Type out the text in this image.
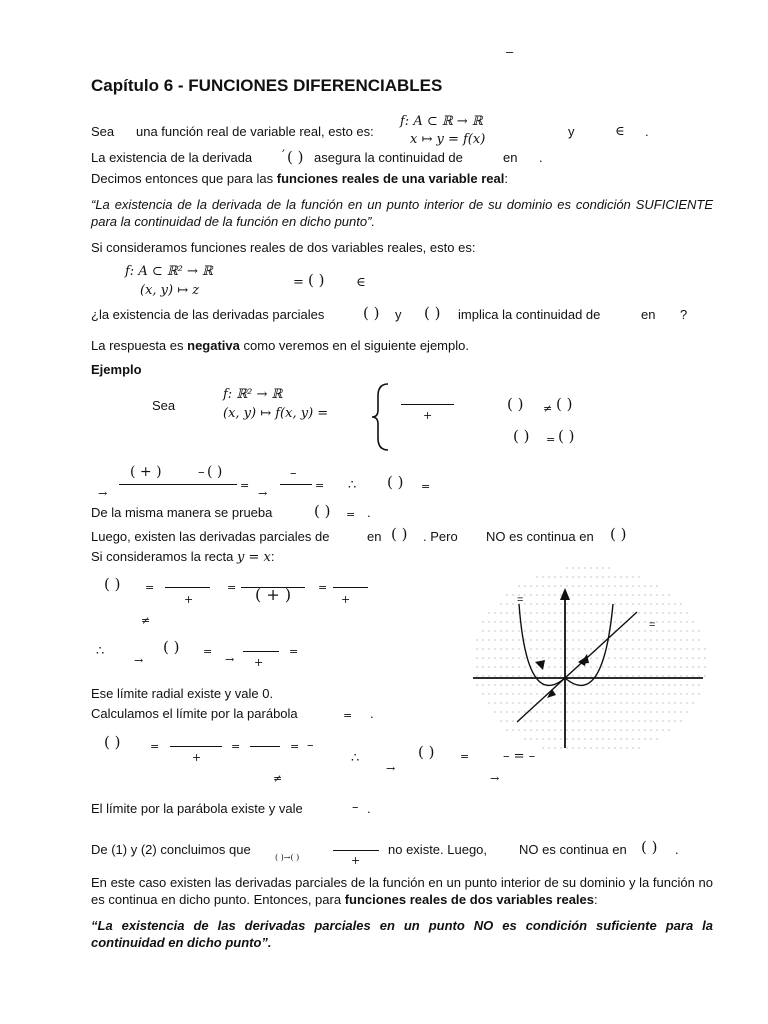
–
Capítulo 6 - FUNCIONES DIFERENCIABLES
Sea una función real de variable real, esto es:
f: A ⊂ ℝ → ℝ
x ↦ y = f(x)
y	∈ .
La existencia de la derivada ′ ( ) asegura la continuidad de	en .
Decimos entonces que para las funciones reales de una variable real:
“La existencia de la derivada de la función en un punto interior de su dominio es condición SUFICIENTE para la continuidad de la función en dicho punto”.
Si consideramos funciones reales de dos variables reales, esto es:
f: A ⊂ ℝ² → ℝ
(x, y) ↦ z
= ( ) ∈
¿la existencia de las derivadas parciales	( ) y ( ) implica la continuidad de	en ?
La respuesta es negativa como veremos en el siguiente ejemplo.
Ejemplo
Sea
f: ℝ² → ℝ
(x, y) ↦ f(x, y) =	+
( ) ≠ ( )
( ) = ( )
→
( + )	– ( )
=
→
–
= ∴ ( ) =
De la misma manera se prueba	( ) = .
Luego, existen las derivadas parciales de	en ( ) . Pero NO es continua en ( )
Si consideramos la recta y = x:
( ) =
+
= ( + ) =
+
≠
∴
→
( ) =
→ +
=
Ese límite radial existe y vale 0.
Calculamos el límite por la parábola	= .
( )	=
+
=	= –
≠
∴
→
( ) =	– = –
→
El límite por la parábola existe y vale	– .
De (1) y (2) concluimos que
( )→( )	+
no existe. Luego, NO es continua en ( ) .
En este caso existen las derivadas parciales de la función en un punto interior de su dominio y la función no es continua en dicho punto. Entonces, para funciones reales de dos variables reales:
“La existencia de las derivadas parciales en un punto NO es condición suficiente para la continuidad en dicho punto”.
=
=
